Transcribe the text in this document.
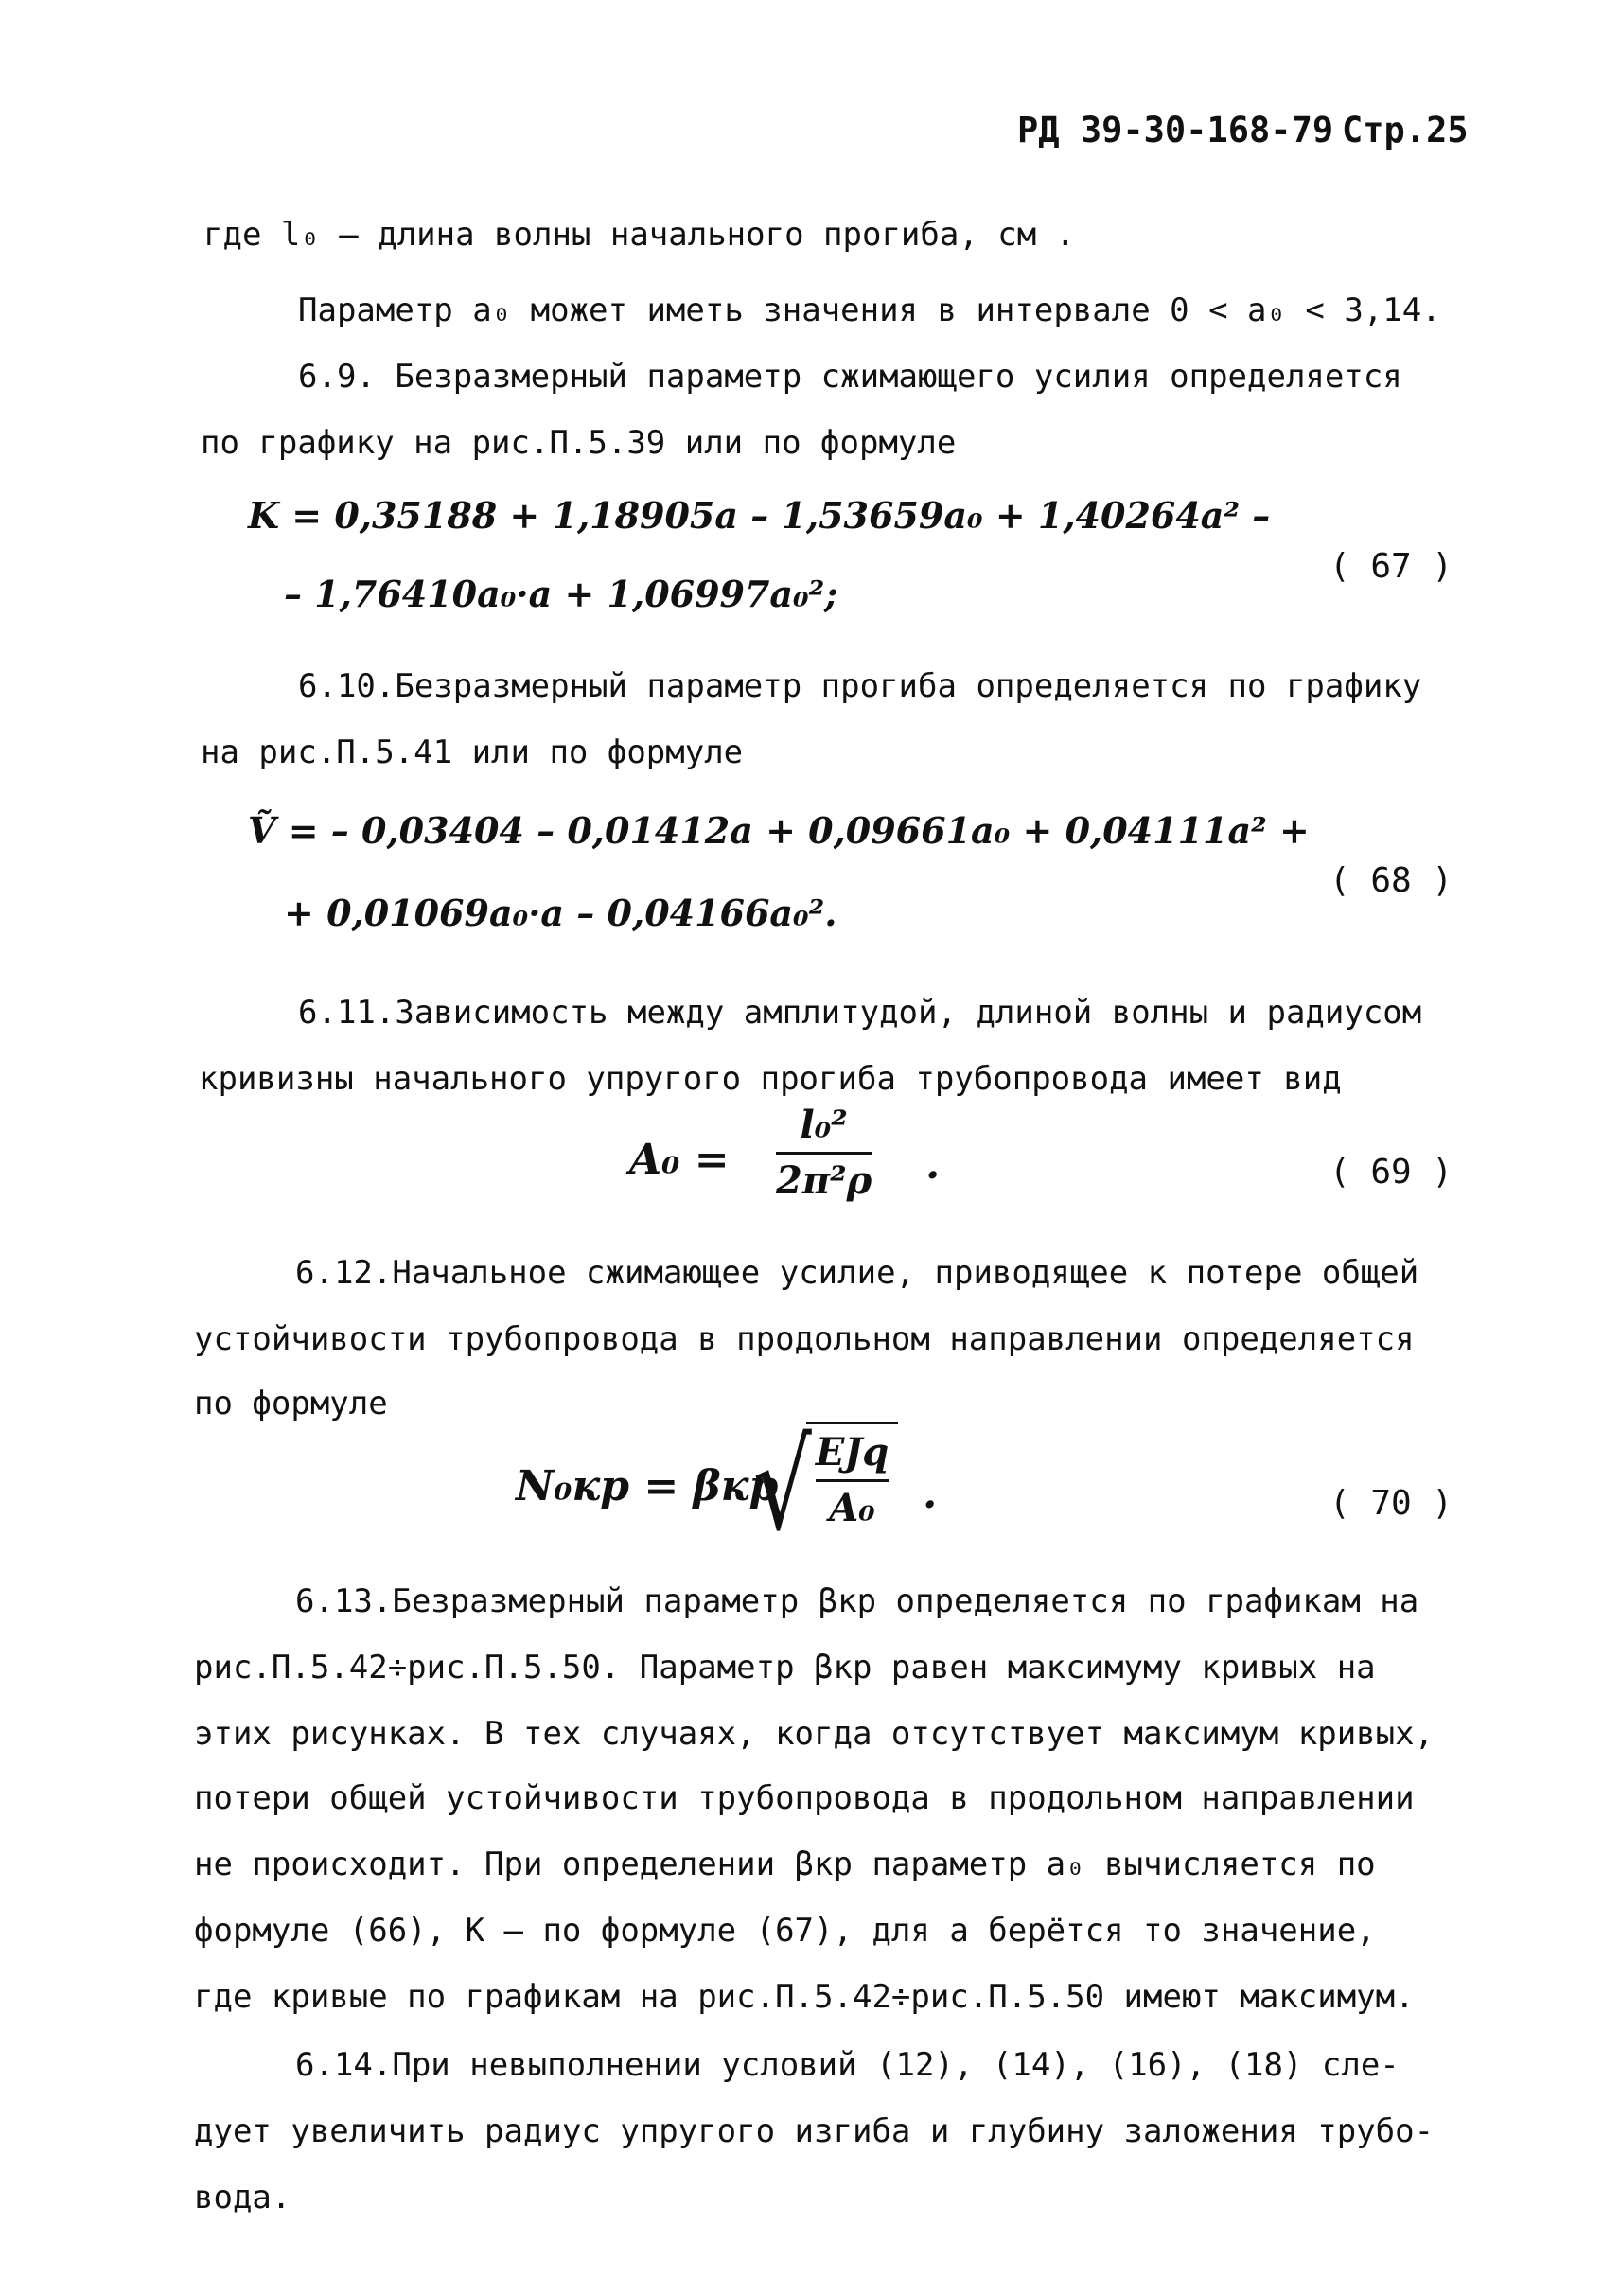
РД 39-30-168-79 Стр.25
где l₀ – длина волны начального прогиба, см .
Параметр a₀ может иметь значения в интервале 0 < a₀ < 3,14.
6.9. Безразмерный параметр сжимающего усилия определяется
по графику на рис.П.5.39 или по формуле
K = 0,35188 + 1,18905a – 1,53659a₀ + 1,40264a² –
– 1,76410a₀·a + 1,06997a₀²;
( 67 )
6.10.Безразмерный параметр прогиба определяется по графику
на рис.П.5.41 или по формуле
Ṽ = – 0,03404 – 0,01412a + 0,09661a₀ + 0,04111a² +
+ 0,01069a₀·a – 0,04166a₀².
( 68 )
6.11.Зависимость между амплитудой, длиной волны и радиусом
кривизны начального упругого прогиба трубопровода имеет вид
A₀ =
l₀²
2π²ρ .	( 69 )
6.12.Начальное сжимающее усилие, приводящее к потере общей
устойчивости трубопровода в продольном направлении определяется
по формуле
N₀кр = βкр
√ EJq
A₀ .	( 70 )
6.13.Безразмерный параметр βкр определяется по графикам на
рис.П.5.42÷рис.П.5.50. Параметр βкр равен максимуму кривых на
этих рисунках. В тех случаях, когда отсутствует максимум кривых,
потери общей устойчивости трубопровода в продольном направлении
не происходит. При определении βкр параметр a₀ вычисляется по
формуле (66), K – по формуле (67), для a берётся то значение,
где кривые по графикам на рис.П.5.42÷рис.П.5.50 имеют максимум.
6.14.При невыполнении условий (12), (14), (16), (18) сле-
дует увеличить радиус упругого изгиба и глубину заложения трубо-
вода.
